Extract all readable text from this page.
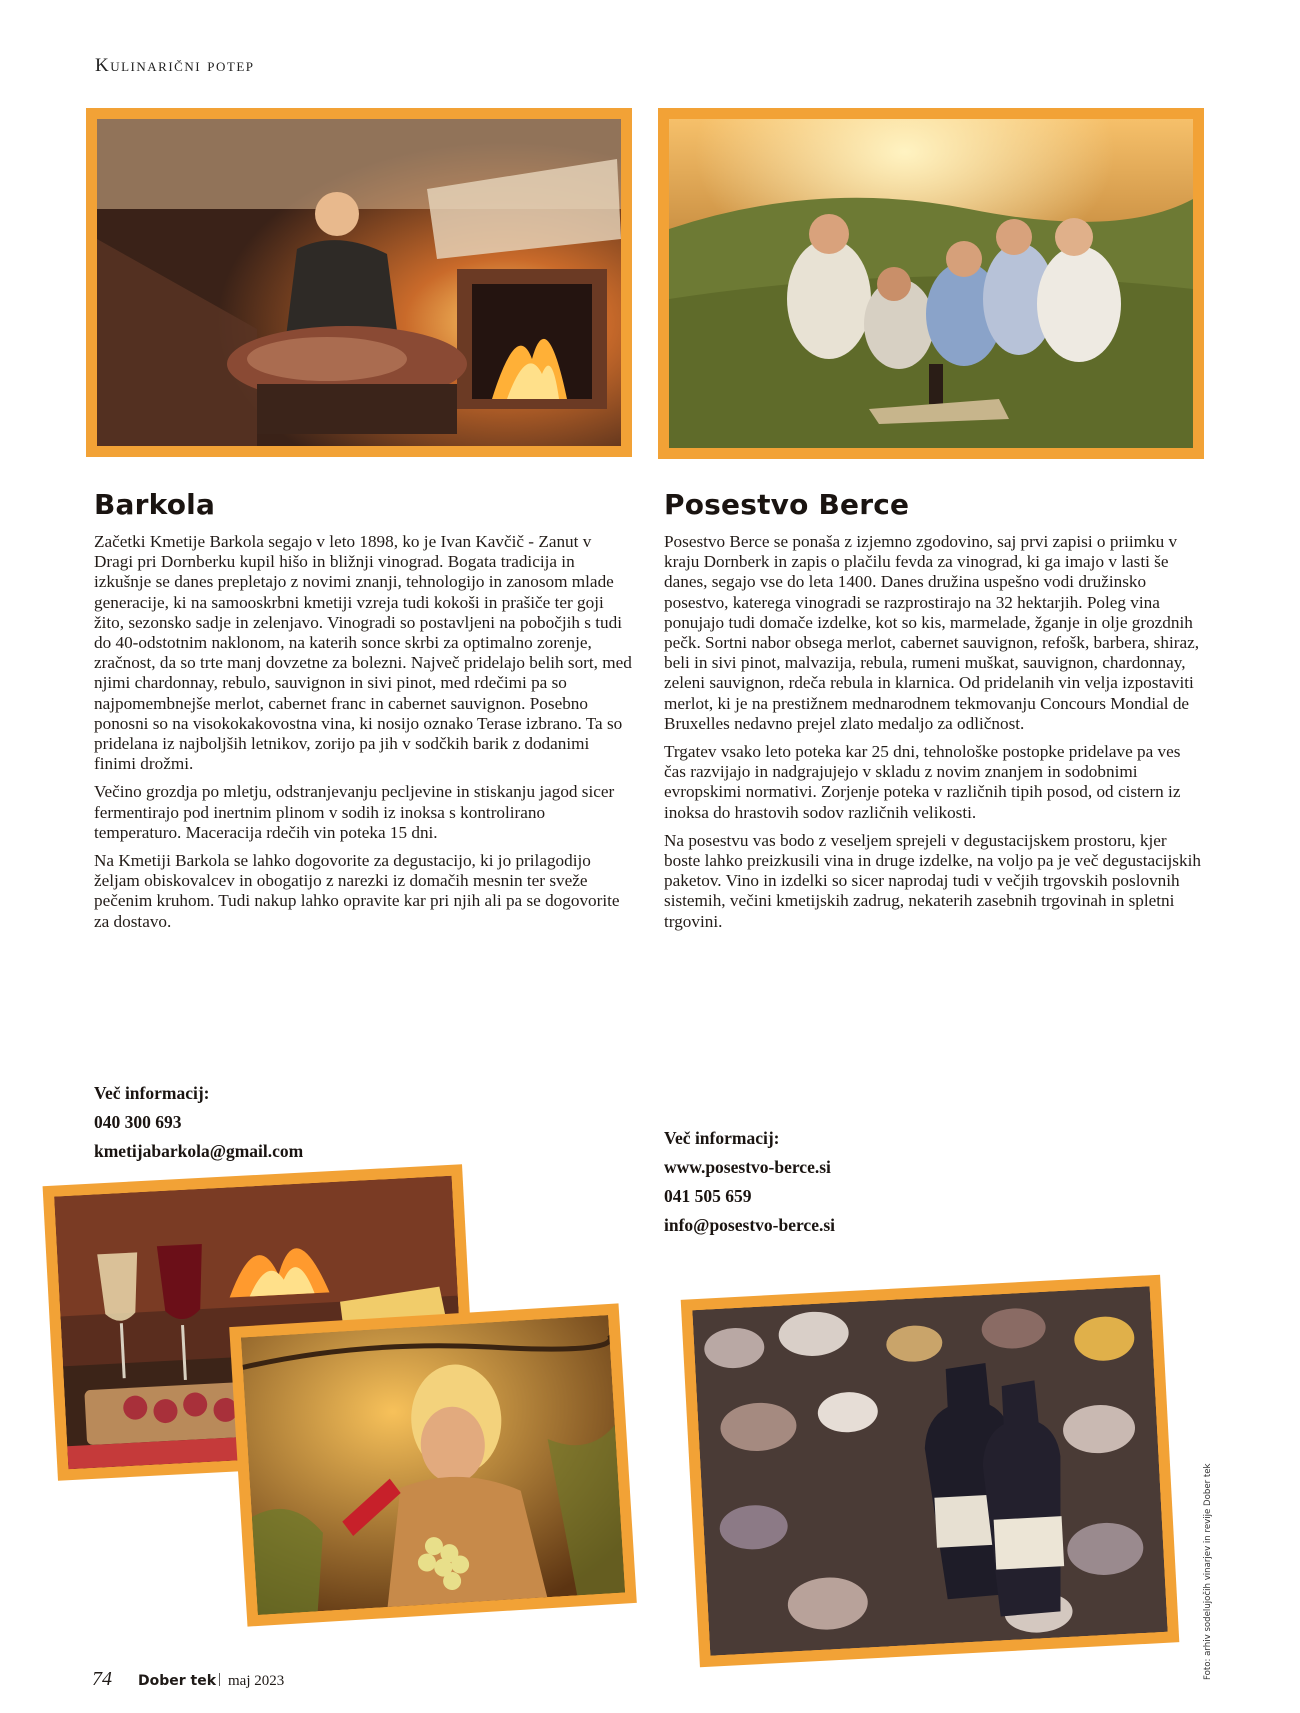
Kulinarični potep
Barkola	Posestvo Berce

Začetki Kmetije Barkola segajo v leto 1898, ko je Ivan Kavčič - Zanut v Dragi pri Dornberku kupil hišo in bližnji vinograd. Bogata tradicija in izkušnje se danes prepletajo z novimi znanji, tehnologijo in zanosom mlade generacije, ki na samooskrbni kmetiji vzreja tudi kokoši in prašiče ter goji žito, sezonsko sadje in zelenjavo. Vinogradi so postavljeni na pobočjih s tudi do 40-odstotnim naklonom, na katerih sonce skrbi za optimalno zorenje, zračnost, da so trte manj dovzetne za bolezni. Največ pridelajo belih sort, med njimi chardonnay, rebulo, sauvignon in sivi pinot, med rdečimi pa so najpomembnejše merlot, cabernet franc in cabernet sauvignon. Posebno ponosni so na visokokakovostna vina, ki nosijo oznako Terase izbrano. Ta so pridelana iz najboljših letnikov, zorijo pa jih v sodčkih barik z dodanimi finimi drožmi.

Večino grozdja po mletju, odstranjevanju pecljevine in stiskanju jagod sicer fermentirajo pod inertnim plinom v sodih iz inoksa s kontrolirano temperaturo. Maceracija rdečih vin poteka 15 dni.

Na Kmetiji Barkola se lahko dogovorite za degustacijo, ki jo prilagodijo željam obiskovalcev in obogatijo z narezki iz domačih mesnin ter sveže pečenim kruhom. Tudi nakup lahko opravite kar pri njih ali pa se dogovorite za dostavo.

Posestvo Berce se ponaša z izjemno zgodovino, saj prvi zapisi o priimku v kraju Dornberk in zapis o plačilu fevda za vinograd, ki ga imajo v lasti še danes, segajo vse do leta 1400. Danes družina uspešno vodi družinsko posestvo, katerega vinogradi se razprostirajo na 32 hektarjih. Poleg vina ponujajo tudi domače izdelke, kot so kis, marmelade, žganje in olje grozdnih pečk. Sortni nabor obsega merlot, cabernet sauvignon, refošk, barbera, shiraz, beli in sivi pinot, malvazija, rebula, rumeni muškat, sauvignon, chardonnay, zeleni sauvignon, rdeča rebula in klarnica. Od pridelanih vin velja izpostaviti merlot, ki je na prestižnem mednarodnem tekmovanju Concours Mondial de Bruxelles nedavno prejel zlato medaljo za odličnost.

Trgatev vsako leto poteka kar 25 dni, tehnološke postopke pridelave pa ves čas razvijajo in nadgrajujejo v skladu z novim znanjem in sodobnimi evropskimi normativi. Zorjenje poteka v različnih tipih posod, od cistern iz inoksa do hrastovih sodov različnih velikosti.

Na posestvu vas bodo z veseljem sprejeli v degustacijskem prostoru, kjer boste lahko preizkusili vina in druge izdelke, na voljo pa je več degustacijskih paketov. Vino in izdelki so sicer naprodaj tudi v večjih trgovskih poslovnih sistemih, večini kmetijskih zadrug, nekaterih zasebnih trgovinah in spletni trgovini.

Več informacij:
040 300 693
kmetijabarkola@gmail.com
Več informacij:
www.posestvo-berce.si
041 505 659
info@posestvo-berce.si
Foto: arhiv sodelujočih vinarjev in revije Dober tek
74 Dober tek | maj 2023
